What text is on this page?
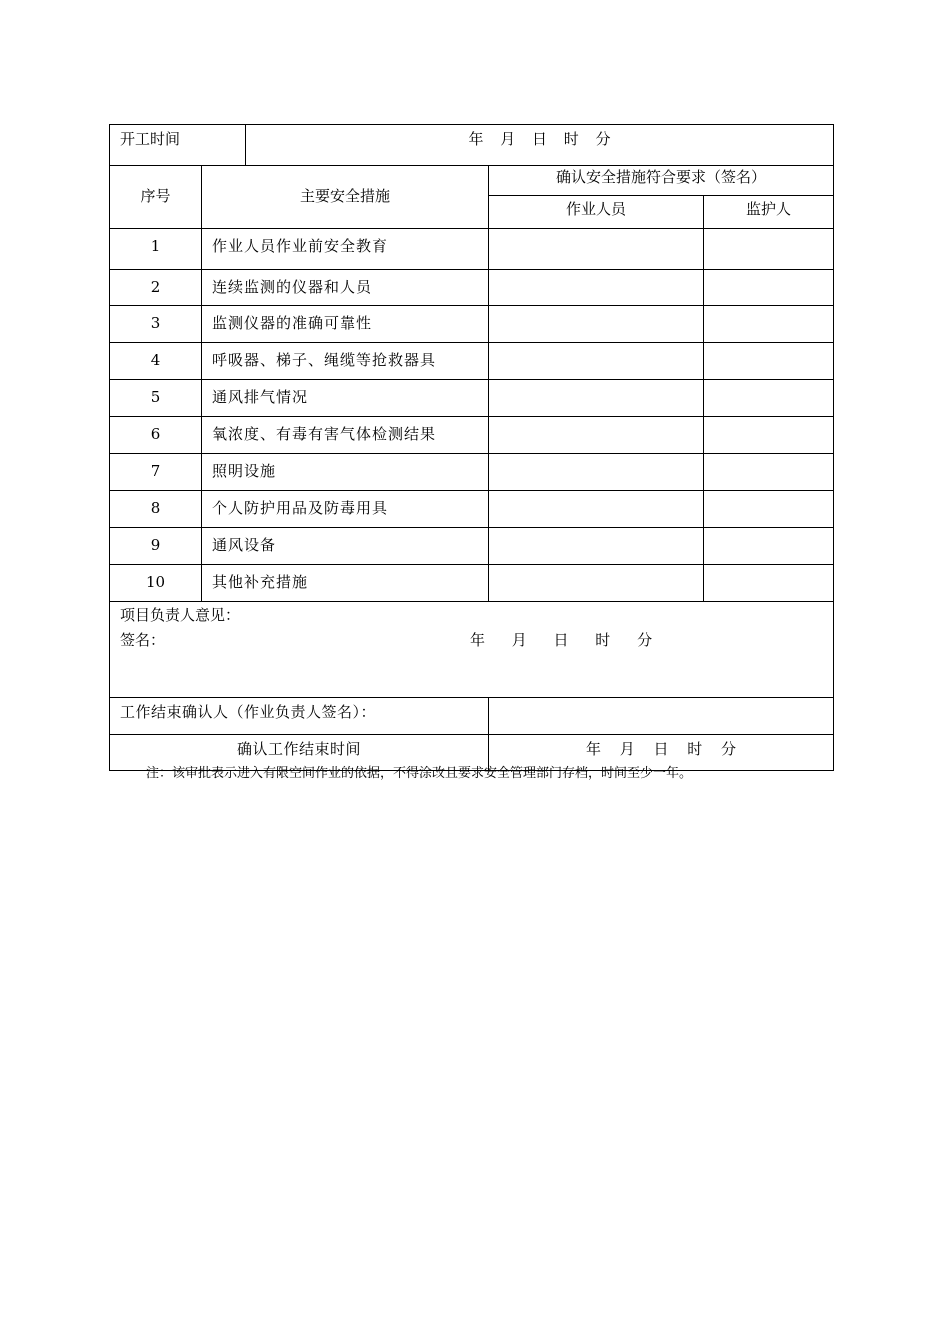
开工时间	年 月 日 时 分
序号	主要安全措施
确认安全措施符合要求（签名）
作业人员	监护人
1	作业人员作业前安全教育
2	连续监测的仪器和人员
3	监测仪器的准确可靠性
4	呼吸器、梯子、绳缆等抢救器具
5	通风排气情况
6	氧浓度、有毒有害气体检测结果
7	照明设施
8	个人防护用品及防毒用具
9	通风设备
10	其他补充措施
项目负责人意见：
签名：	年 月 日 时 分
工作结束确认人（作业负责人签名）：
确认工作结束时间	年 月 日 时 分
注：该审批表示进入有限空间作业的依据，不得涂改且要求安全管理部门存档，时间至少一年。
